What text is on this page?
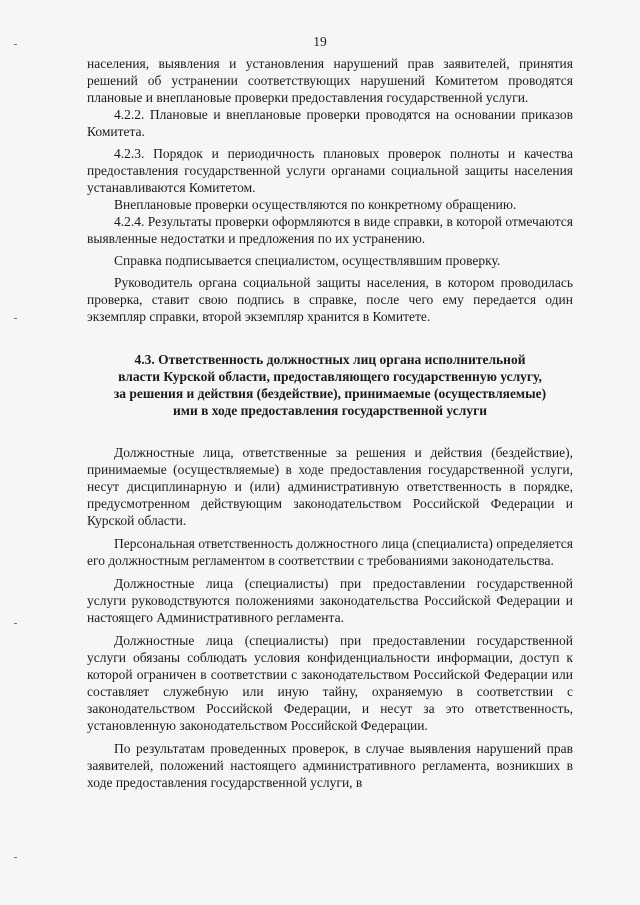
19

населения, выявления и установления нарушений прав заявителей, принятия решений об устранении соответствующих нарушений Комитетом проводятся плановые и внеплановые проверки предоставления государственной услуги.

4.2.2. Плановые и внеплановые проверки проводятся на основании приказов Комитета.

4.2.3. Порядок и периодичность плановых проверок полноты и качества предоставления государственной услуги органами социальной защиты населения устанавливаются Комитетом.

Внеплановые проверки осуществляются по конкретному обращению.

4.2.4. Результаты проверки оформляются в виде справки, в которой отмечаются выявленные недостатки и предложения по их устранению.

Справка подписывается специалистом, осуществлявшим проверку.

Руководитель органа социальной защиты населения, в котором проводилась проверка, ставит свою подпись в справке, после чего ему передается один экземпляр справки, второй экземпляр хранится в Комитете.

4.3. Ответственность должностных лиц органа исполнительной
власти Курской области, предоставляющего государственную услугу,
за решения и действия (бездействие), принимаемые (осуществляемые)
ими в ходе предоставления государственной услуги

Должностные лица, ответственные за решения и действия (бездействие), принимаемые (осуществляемые) в ходе предоставления государственной услуги, несут дисциплинарную и (или) административную ответственность в порядке, предусмотренном действующим законодательством Российской Федерации и Курской области.

Персональная ответственность должностного лица (специалиста) определяется его должностным регламентом в соответствии с требованиями законодательства.

Должностные лица (специалисты) при предоставлении государственной услуги руководствуются положениями законодательства Российской Федерации и настоящего Административного регламента.

Должностные лица (специалисты) при предоставлении государственной услуги обязаны соблюдать условия конфиденциальности информации, доступ к которой ограничен в соответствии с законодательством Российской Федерации или составляет служебную или иную тайну, охраняемую в соответствии с законодательством Российской Федерации, и несут за это ответственность, установленную законодательством Российской Федерации.

По результатам проведенных проверок, в случае выявления нарушений прав заявителей, положений настоящего административного регламента, возникших в ходе предоставления государственной услуги, в
